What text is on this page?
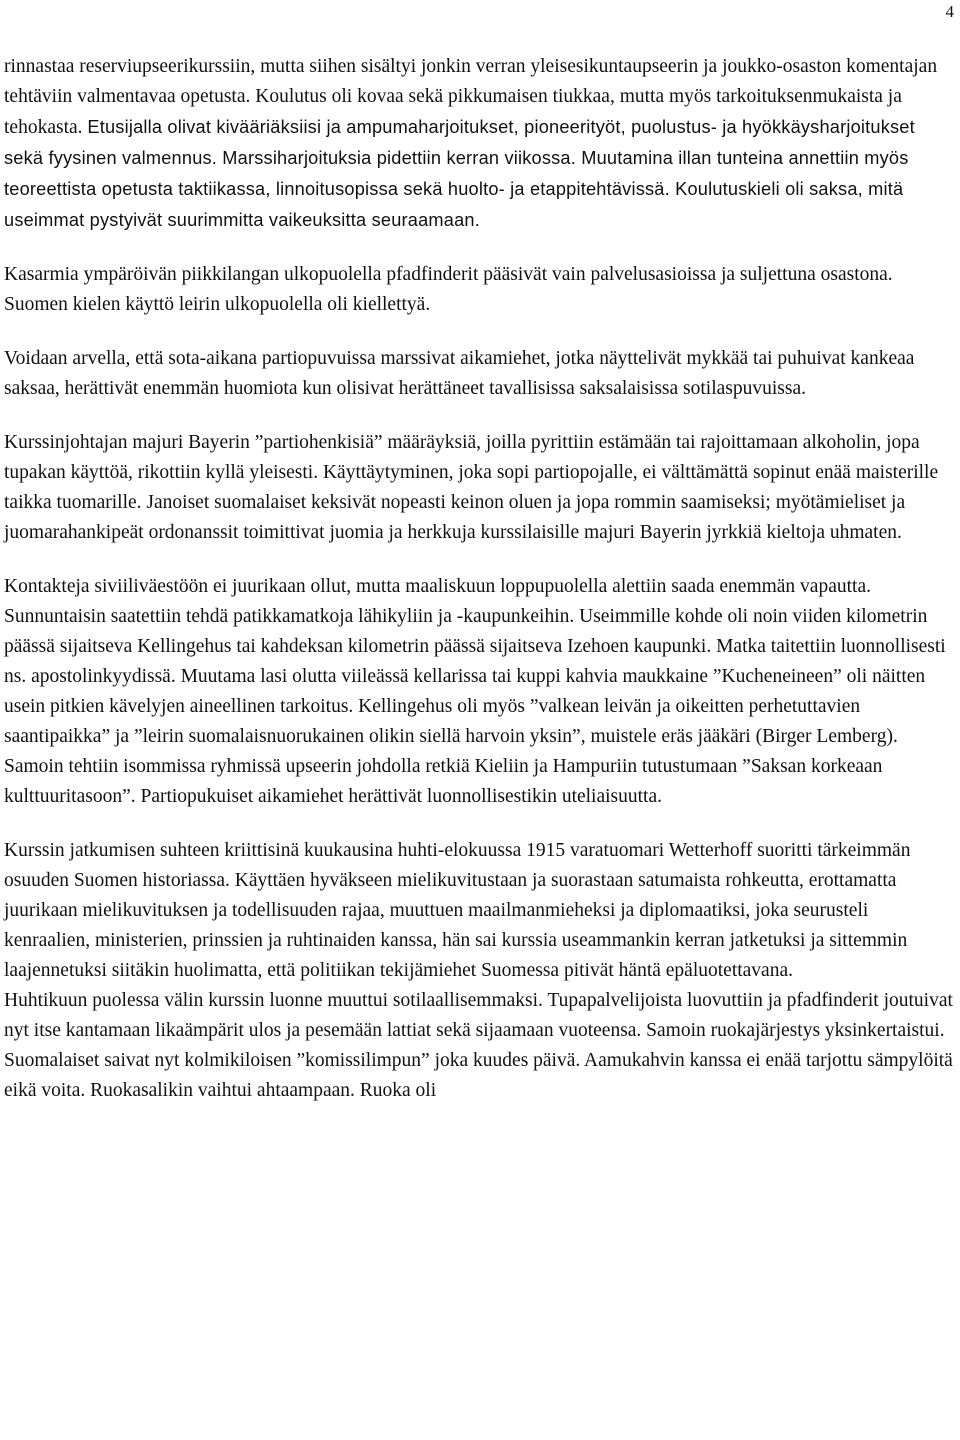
4

rinnastaa reserviupseerikurssiin, mutta siihen sisältyi jonkin verran yleisesikuntaupseerin ja joukko-osaston komentajan tehtäviin valmentavaa opetusta. Koulutus oli kovaa sekä pikkumaisen tiukkaa, mutta myös tarkoituksenmukaista ja tehokasta. Etusijalla olivat kivääriäksiisi ja ampumaharjoitukset, pioneerityöt, puolustus- ja hyökkäysharjoitukset sekä fyysinen valmennus. Marssiharjoituksia pidettiin kerran viikossa. Muutamina illan tunteina annettiin myös teoreettista opetusta taktiikassa, linnoitusopissa sekä huolto- ja etappitehtävissä. Koulutuskieli oli saksa, mitä useimmat pystyivät suurimmitta vaikeuksitta seuraamaan.

Kasarmia ympäröivän piikkilangan ulkopuolella pfadfinderit pääsivät vain palvelusasioissa ja suljettuna osastona. Suomen kielen käyttö leirin ulkopuolella oli kiellettyä.

Voidaan arvella, että sota-aikana partiopuvuissa marssivat aikamiehet, jotka näyttelivät mykkää tai puhuivat kankeaa saksaa, herättivät enemmän huomiota kun olisivat herättäneet tavallisissa saksalaisissa sotilaspuvuissa.

Kurssinjohtajan majuri Bayerin ”partiohenkisiä” määräyksiä, joilla pyrittiin estämään tai rajoittamaan alkoholin, jopa tupakan käyttöä, rikottiin kyllä yleisesti. Käyttäytyminen, joka sopi partiopojalle, ei välttämättä sopinut enää maisterille taikka tuomarille. Janoiset suomalaiset keksivät nopeasti keinon oluen ja jopa rommin saamiseksi; myötämieliset ja juomarahankipeät ordonanssit toimittivat juomia ja herkkuja kurssilaisille majuri Bayerin jyrkkiä kieltoja uhmaten.

Kontakteja siviiliväestöön ei juurikaan ollut, mutta maaliskuun loppupuolella alettiin saada enemmän vapautta. Sunnuntaisin saatettiin tehdä patikkamatkoja lähikyliin ja -kaupunkeihin. Useimmille kohde oli noin viiden kilometrin päässä sijaitseva Kellingehus tai kahdeksan kilometrin päässä sijaitseva Izehoen kaupunki. Matka taitettiin luonnollisesti ns. apostolinkyydissä. Muutama lasi olutta viileässä kellarissa tai kuppi kahvia maukkaine ”Kucheneineen” oli näitten usein pitkien kävelyjen aineellinen tarkoitus. Kellingehus oli myös ”valkean leivän ja oikeitten perhetuttavien saantipaikka” ja ”leirin suomalaisnuorukainen olikin siellä harvoin yksin”, muistele eräs jääkäri (Birger Lemberg). Samoin tehtiin isommissa ryhmissä upseerin johdolla retkiä Kieliin ja Hampuriin tutustumaan ”Saksan korkeaan kulttuuritasoon”. Partiopukuiset aikamiehet herättivät luonnollisestikin uteliaisuutta.

Kurssin jatkumisen suhteen kriittisinä kuukausina huhti-elokuussa 1915 varatuomari Wetterhoff suoritti tärkeimmän osuuden Suomen historiassa. Käyttäen hyväkseen mielikuvitustaan ja suorastaan satumaista rohkeutta, erottamatta juurikaan mielikuvituksen ja todellisuuden rajaa, muuttuen maailmanmieheksi ja diplomaatiksi, joka seurusteli kenraalien, ministerien, prinssien ja ruhtinaiden kanssa, hän sai kurssia useammankin kerran jatketuksi ja sittemmin laajennetuksi siitäkin huolimatta, että politiikan tekijämiehet Suomessa pitivät häntä epäluotettavana.

Huhtikuun puolessa välin kurssin luonne muuttui sotilaallisemmaksi. Tupapalvelijoista luovuttiin ja pfadfinderit joutuivat nyt itse kantamaan likaämpärit ulos ja pesemään lattiat sekä sijaamaan vuoteensa. Samoin ruokajärjestys yksinkertaistui.

Suomalaiset saivat nyt kolmikiloisen ”komissilimpun” joka kuudes päivä. Aamukahvin kanssa ei enää tarjottu sämpylöitä eikä voita. Ruokasalikin vaihtui ahtaampaan. Ruoka oli
